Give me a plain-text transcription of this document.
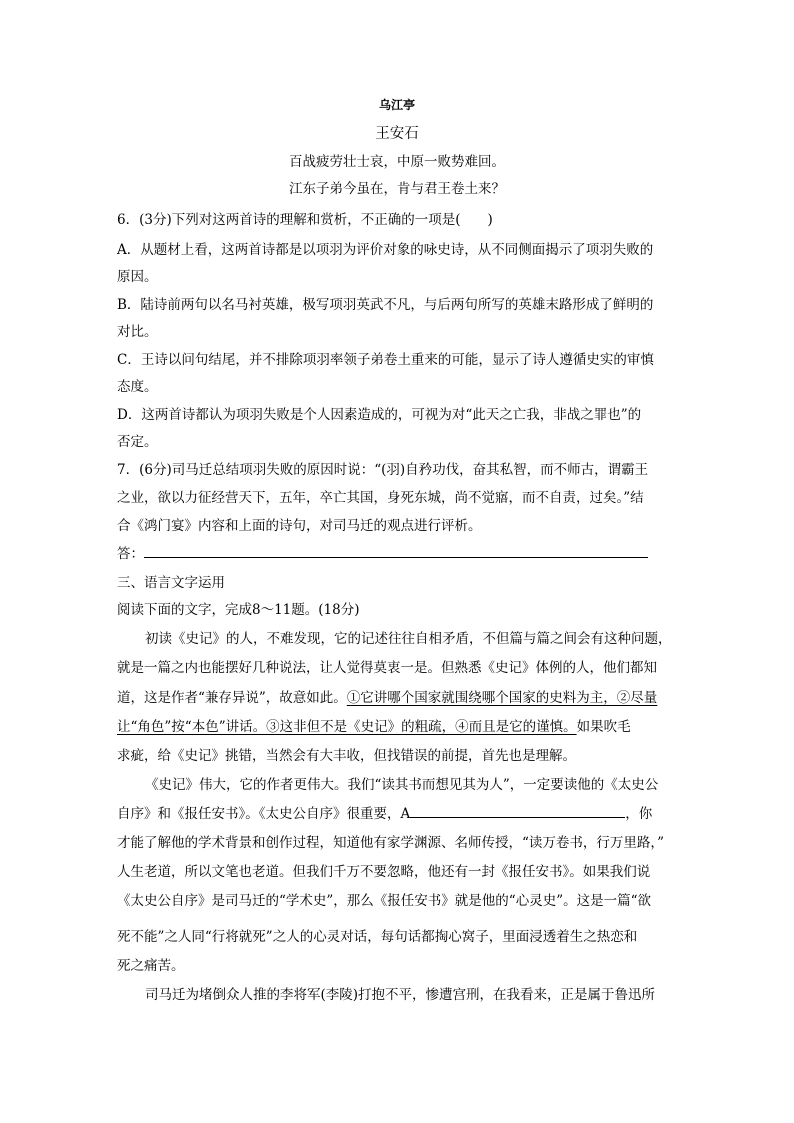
乌江亭
王安石
百战疲劳壮士哀，中原一败势难回。
江东子弟今虽在，肯与君王卷土来？
6．(3分)下列对这两首诗的理解和赏析，不正确的一项是(　　)
A．从题材上看，这两首诗都是以项羽为评价对象的咏史诗，从不同侧面揭示了项羽失败的
原因。
B．陆诗前两句以名马衬英雄，极写项羽英武不凡，与后两句所写的英雄末路形成了鲜明的
对比。
C．王诗以问句结尾，并不排除项羽率领子弟卷土重来的可能，显示了诗人遵循史实的审慎
态度。
D．这两首诗都认为项羽失败是个人因素造成的，可视为对“此天之亡我，非战之罪也”的
否定。
7．(6分)司马迁总结项羽失败的原因时说：“(羽)自矜功伐，奋其私智，而不师古，谓霸王
之业，欲以力征经营天下，五年，卒亡其国，身死东城，尚不觉寤，而不自责，过矣。”结
合《鸿门宴》内容和上面的诗句，对司马迁的观点进行评析。
答：
三、语言文字运用
阅读下面的文字，完成8～11题。(18分)
初读《史记》的人，不难发现，它的记述往往自相矛盾，不但篇与篇之间会有这种问题，
就是一篇之内也能摆好几种说法，让人觉得莫衷一是。但熟悉《史记》体例的人，他们都知
道，这是作者“兼存异说”，故意如此。①它讲哪个国家就围绕哪个国家的史料为主，②尽量
让“角色”按“本色”讲话。③这非但不是《史记》的粗疏，④而且是它的谨慎。如果吹毛
求疵，给《史记》挑错，当然会有大丰收，但找错误的前提，首先也是理解。
《史记》伟大，它的作者更伟大。我们“读其书而想见其为人”，一定要读他的《太史公
自序》和《报任安书》。《太史公自序》很重要，A	，你
才能了解他的学术背景和创作过程，知道他有家学渊源、名师传授，“读万卷书，行万里路，”
人生老道，所以文笔也老道。但我们千万不要忽略，他还有一封《报任安书》。如果我们说
《太史公自序》是司马迁的“学术史”，那么《报任安书》就是他的“心灵史”。这是一篇“欲
死不能”之人同“行将就死”之人的心灵对话，每句话都掏心窝子，里面浸透着生之热恋和
死之痛苦。
司马迁为堵倒众人推的李将军(李陵)打抱不平，惨遭宫刑，在我看来，正是属于鲁迅所
